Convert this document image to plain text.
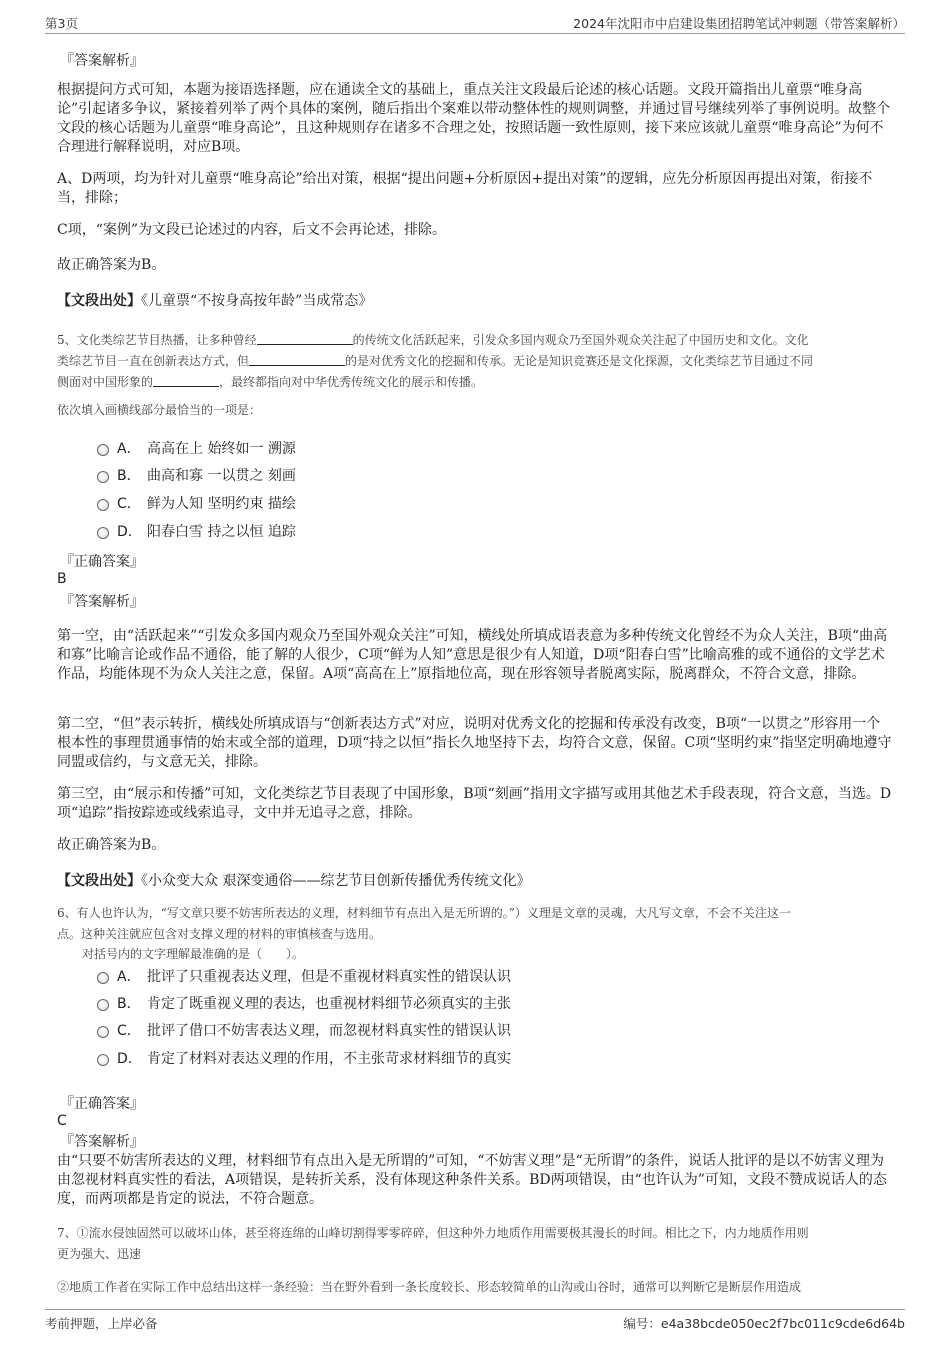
第3页	2024年沈阳市中启建设集团招聘笔试冲刺题（带答案解析）
『答案解析』
根据提问方式可知，本题为接语选择题，应在通读全文的基础上，重点关注文段最后论述的核心话题。文段开篇指出儿童票“唯身高论”引起诸多争议，紧接着列举了两个具体的案例，随后指出个案难以带动整体性的规则调整，并通过冒号继续列举了事例说明。故整个文段的核心话题为儿童票“唯身高论”，且这种规则存在诸多不合理之处，按照话题一致性原则，接下来应该就儿童票“唯身高论”为何不合理进行解释说明，对应B项。
A、D两项，均为针对儿童票“唯身高论”给出对策，根据“提出问题+分析原因+提出对策”的逻辑，应先分析原因再提出对策，衔接不当，排除；
C项，“案例”为文段已论述过的内容，后文不会再论述，排除。
故正确答案为B。
【文段出处】《儿童票“不按身高按年龄”当成常态》
5、文化类综艺节目热播，让多种曾经	的传统文化活跃起来，引发众多国内观众乃至国外观众关注起了中国历史和文化。文化
类综艺节目一直在创新表达方式，但	的是对优秀文化的挖掘和传承。无论是知识竞赛还是文化探源，文化类综艺节目通过不同
侧面对中国形象的	，最终都指向对中华优秀传统文化的展示和传播。
依次填入画横线部分最恰当的一项是：
A． 高高在上 始终如一 溯源
B． 曲高和寡 一以贯之 刻画
C． 鲜为人知 坚明约束 描绘
D． 阳春白雪 持之以恒 追踪
『正确答案』
B
『答案解析』
第一空，由“活跃起来”“引发众多国内观众乃至国外观众关注”可知，横线处所填成语表意为多种传统文化曾经不为众人关注，B项“曲高和寡”比喻言论或作品不通俗，能了解的人很少，C项“鲜为人知”意思是很少有人知道，D项“阳春白雪”比喻高雅的或不通俗的文学艺术作品，均能体现不为众人关注之意，保留。A项“高高在上”原指地位高，现在形容领导者脱离实际，脱离群众，不符合文意，排除。
第二空，“但”表示转折，横线处所填成语与“创新表达方式”对应，说明对优秀文化的挖掘和传承没有改变，B项“一以贯之”形容用一个根本性的事理贯通事情的始末或全部的道理，D项“持之以恒”指长久地坚持下去，均符合文意，保留。C项“坚明约束”指坚定明确地遵守同盟或信约，与文意无关，排除。
第三空，由“展示和传播”可知，文化类综艺节目表现了中国形象，B项“刻画”指用文字描写或用其他艺术手段表现，符合文意，当选。D项“追踪”指按踪迹或线索追寻，文中并无追寻之意，排除。
故正确答案为B。
【文段出处】《小众变大众 艰深变通俗——综艺节目创新传播优秀传统文化》
6、有人也许认为，“写文章只要不妨害所表达的义理，材料细节有点出入是无所谓的。”）义理是文章的灵魂，大凡写文章，不会不关注这一
点。这种关注就应包含对支撑义理的材料的审慎核查与选用。
对括号内的文字理解最准确的是（　　）。
A． 批评了只重视表达义理，但是不重视材料真实性的错误认识
B． 肯定了既重视义理的表达，也重视材料细节必须真实的主张
C． 批评了借口不妨害表达义理，而忽视材料真实性的错误认识
D． 肯定了材料对表达义理的作用，不主张苛求材料细节的真实
『正确答案』
C
『答案解析』
由“只要不妨害所表达的义理，材料细节有点出入是无所谓的”可知，“不妨害义理”是“无所谓”的条件，说话人批评的是以不妨害义理为由忽视材料真实性的看法，A项错误，是转折关系，没有体现这种条件关系。BD两项错误，由“也许认为”可知，文段不赞成说话人的态度，而两项都是肯定的说法，不符合题意。
7、①流水侵蚀固然可以破坏山体，甚至将连绵的山峰切割得零零碎碎，但这种外力地质作用需要极其漫长的时间。相比之下，内力地质作用则
更为强大、迅速
②地质工作者在实际工作中总结出这样一条经验：当在野外看到一条长度较长、形态较简单的山沟或山谷时，通常可以判断它是断层作用造成
考前押题，上岸必备	编号：e4a38bcde050ec2f7bc011c9cde6d64b
